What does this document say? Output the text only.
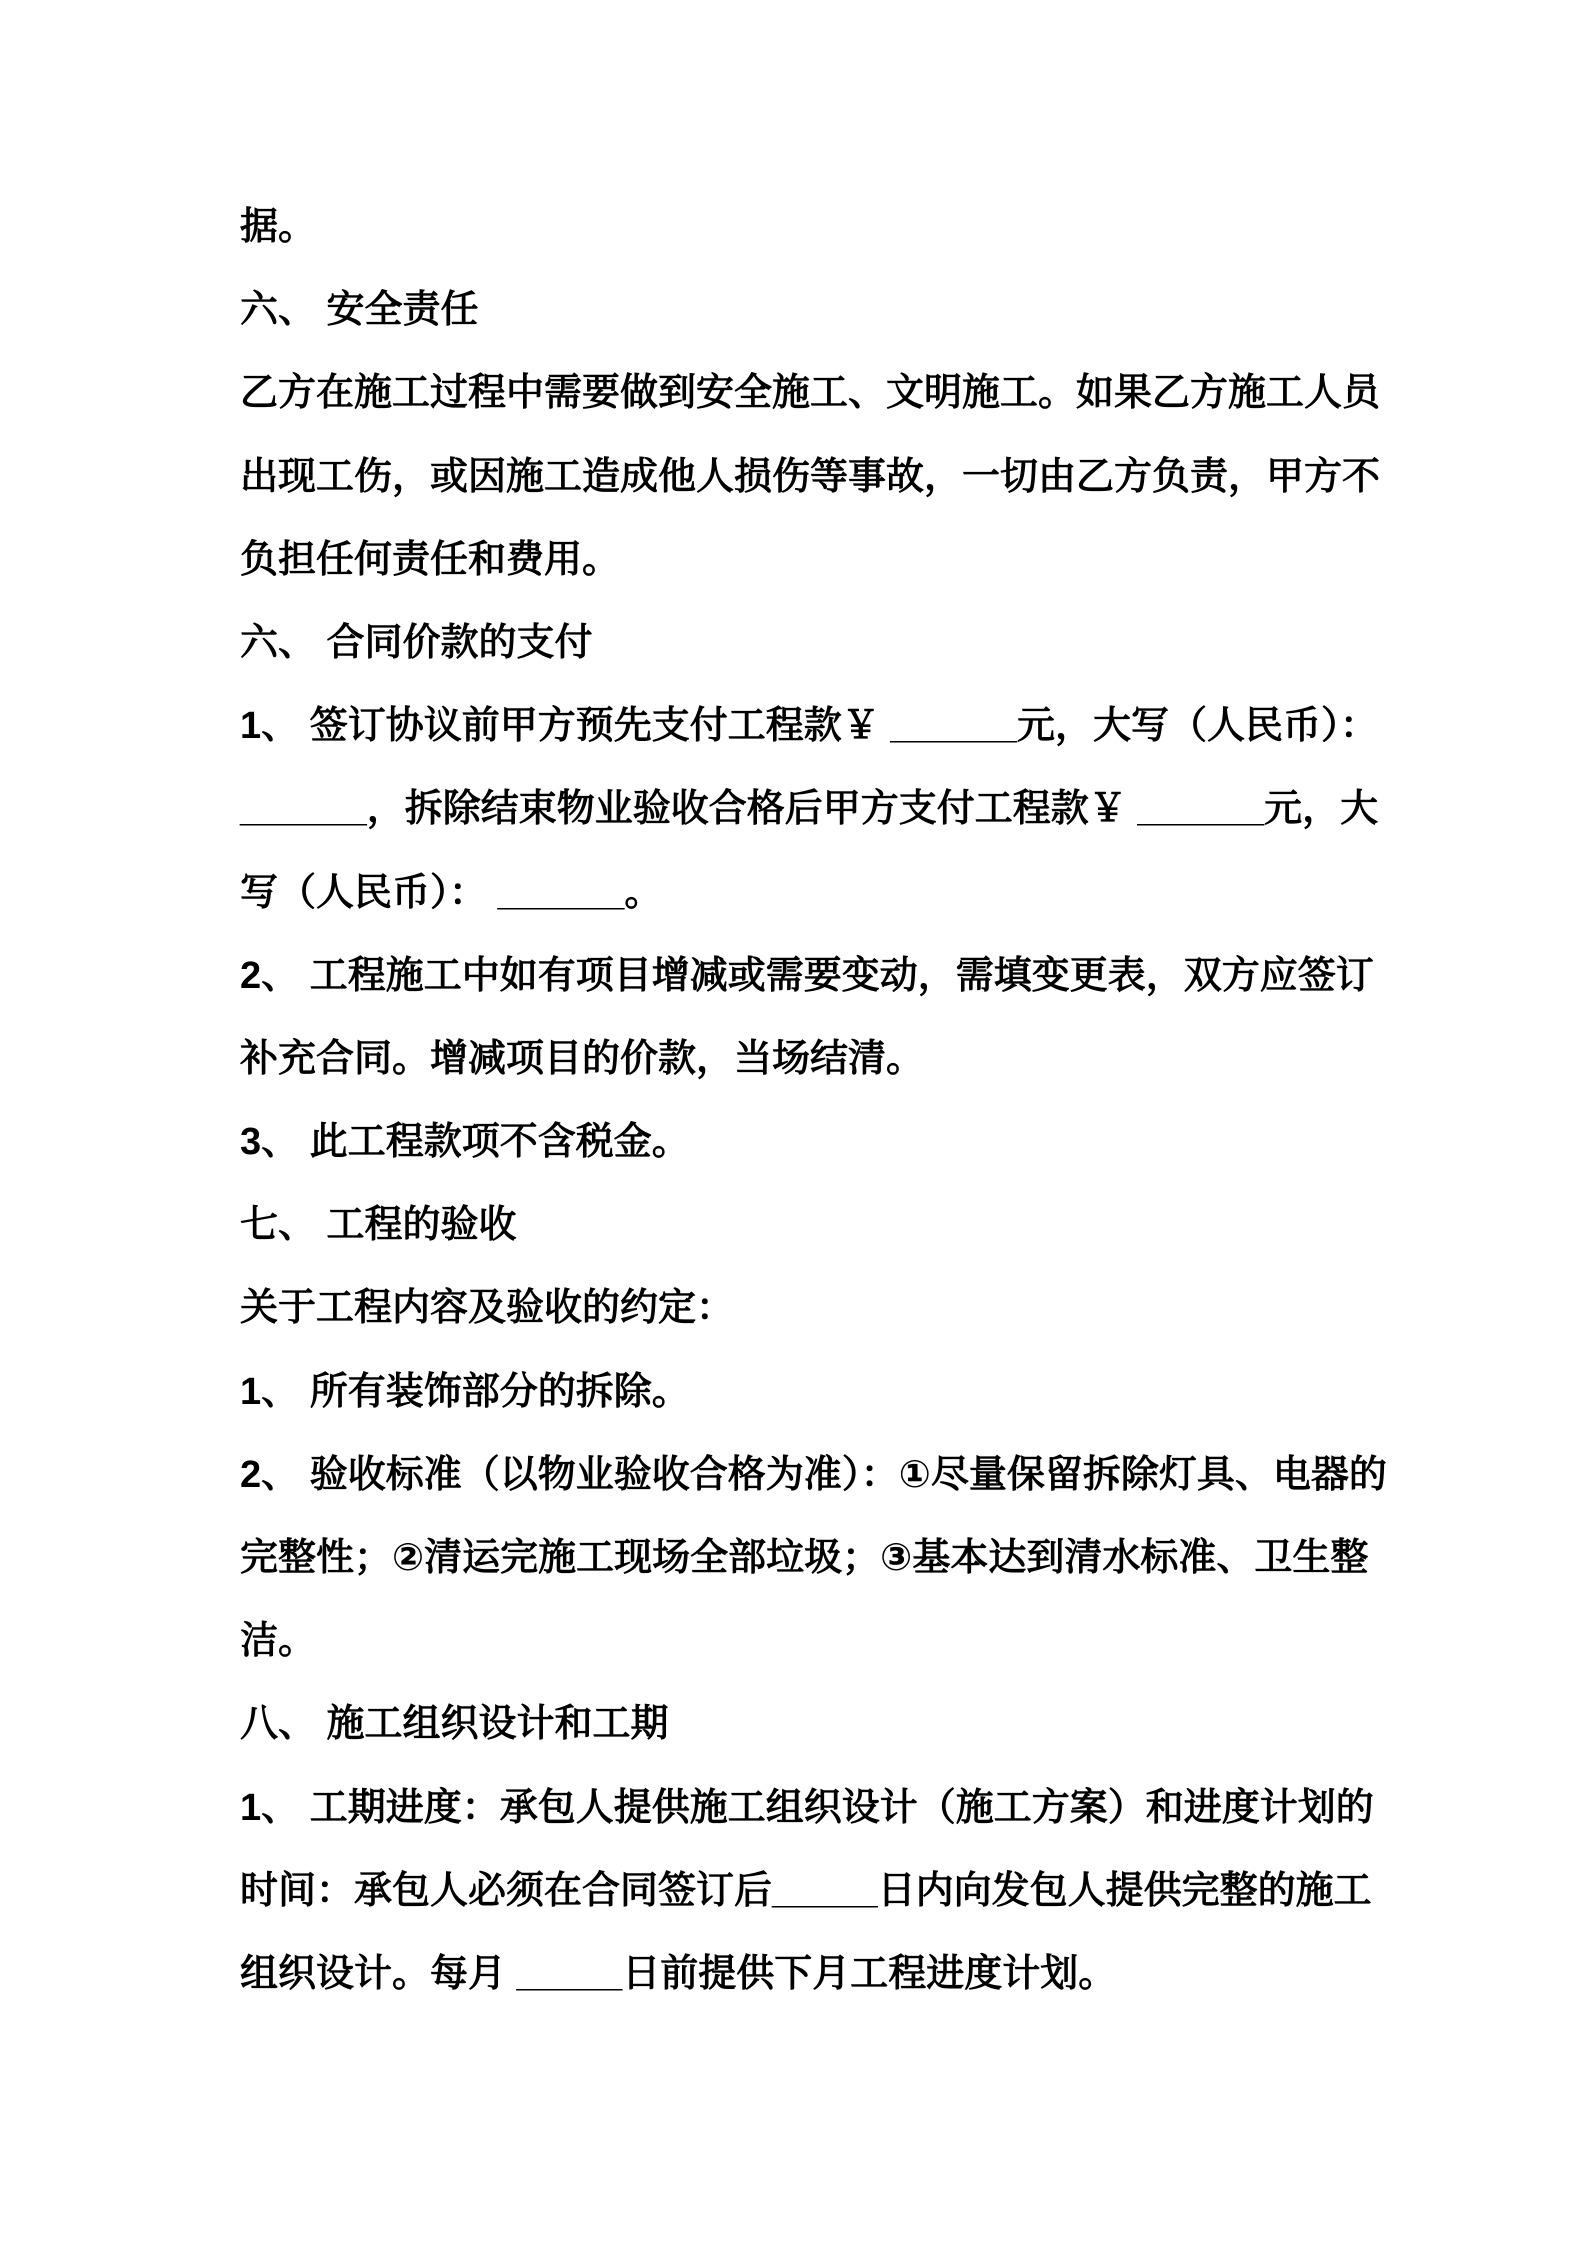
据。
六、 安全责任
乙方在施工过程中需要做到安全施工、文明施工。如果乙方施工人员
出现工伤，或因施工造成他人损伤等事故，一切由乙方负责，甲方不
负担任何责任和费用。
六、 合同价款的支付
1、 签订协议前甲方预先支付工程款￥ ______元，大写（人民币）：
______，拆除结束物业验收合格后甲方支付工程款￥ ______元，大
写（人民币）： ______。
2、 工程施工中如有项目增减或需要变动，需填变更表，双方应签订
补充合同。增减项目的价款，当场结清。
3、 此工程款项不含税金。
七、 工程的验收
关于工程内容及验收的约定：
1、 所有装饰部分的拆除。
2、 验收标准（以物业验收合格为准）：①尽量保留拆除灯具、电器的
完整性；②清运完施工现场全部垃圾；③基本达到清水标准、卫生整
洁。
八、 施工组织设计和工期
1、 工期进度：承包人提供施工组织设计（施工方案）和进度计划的
时间：承包人必须在合同签订后_____日内向发包人提供完整的施工
组织设计。每月 _____日前提供下月工程进度计划。
